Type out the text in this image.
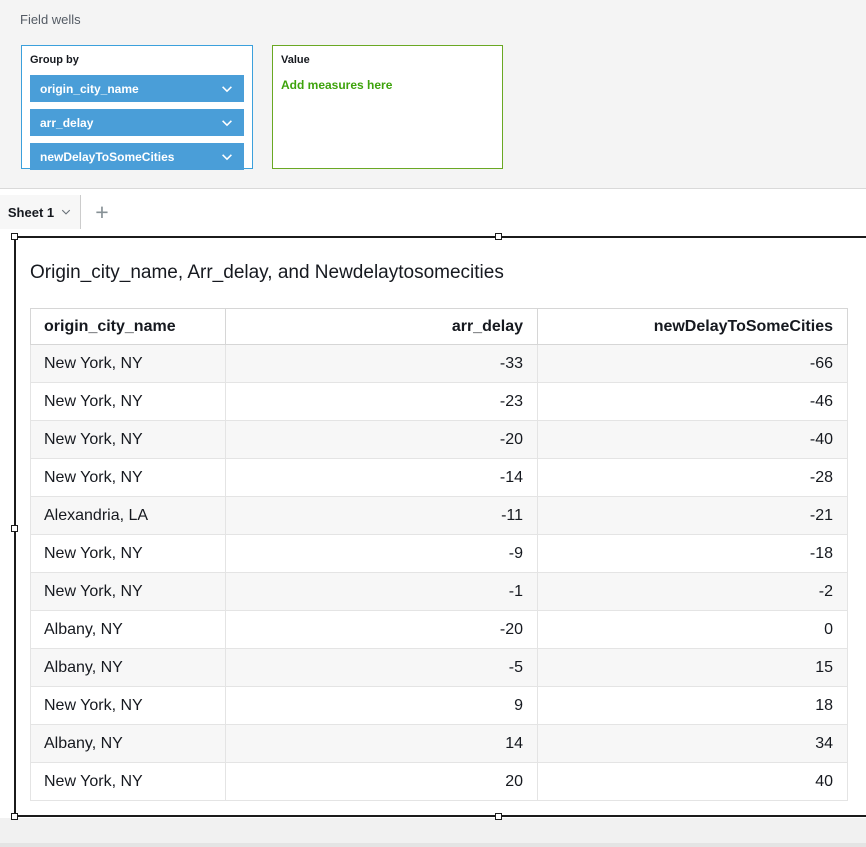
Field wells
Group by
origin_city_name
arr_delay
newDelayToSomeCities
Value
Add measures here
Sheet 1	+
Origin_city_name, Arr_delay, and Newdelaytosomecities
origin_city_name	arr_delay	newDelayToSomeCities
New York, NY	-33	-66
New York, NY	-23	-46
New York, NY	-20	-40
New York, NY	-14	-28
Alexandria, LA	-11	-21
New York, NY	-9	-18
New York, NY	-1	-2
Albany, NY	-20	0
Albany, NY	-5	15
New York, NY	9	18
Albany, NY	14	34
New York, NY	20	40
